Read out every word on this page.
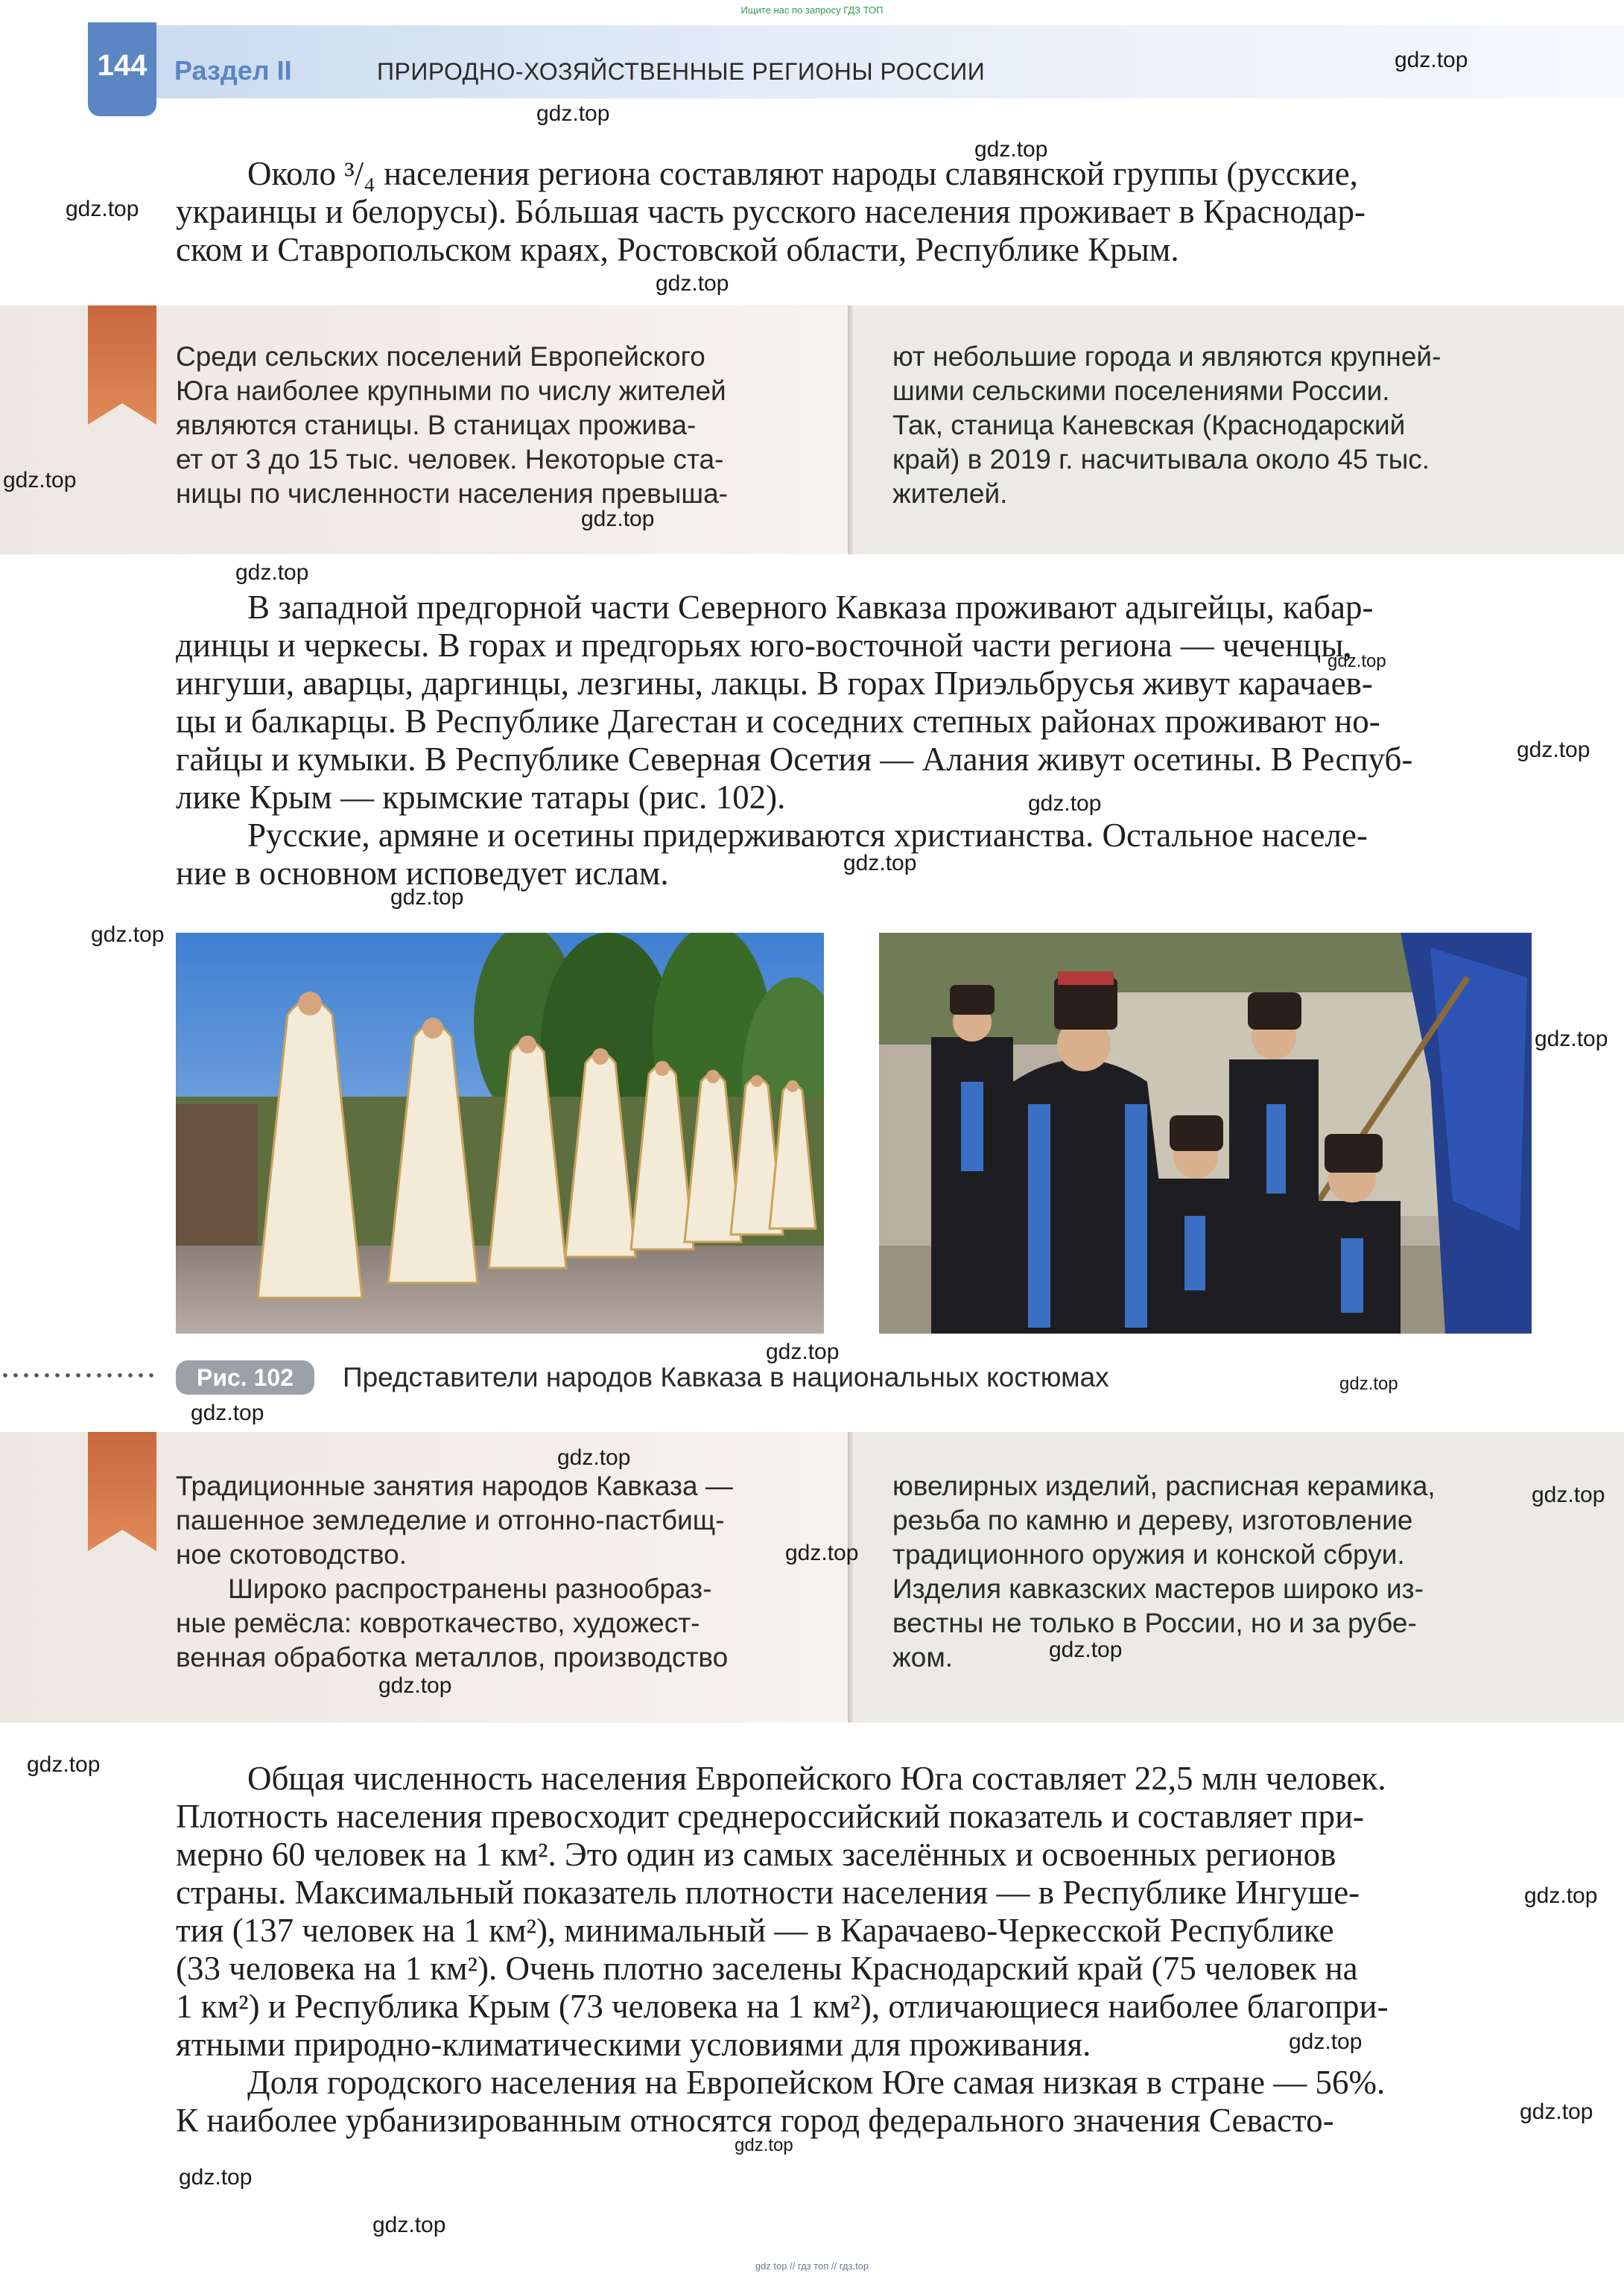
Ищите нас по запросу ГДЗ ТОП
144	Раздел II	ПРИРОДНО-ХОЗЯЙСТВЕННЫЕ РЕГИОНЫ РОССИИ
Около ³/₄ населения региона составляют народы славянской группы (русские,
украинцы и белорусы). Бóльшая часть русского населения проживает в Краснодар-
ском и Ставропольском краях, Ростовской области, Республике Крым.
Среди сельских поселений Европейского
Юга наиболее крупными по числу жителей
являются станицы. В станицах прожива-
ет от 3 до 15 тыс. человек. Некоторые ста-
ницы по численности населения превыша-
ют небольшие города и являются крупней-
шими сельскими поселениями России.
Так, станица Каневская (Краснодарский
край) в 2019 г. насчитывала около 45 тыс.
жителей.
В западной предгорной части Северного Кавказа проживают адыгейцы, кабар-
динцы и черкесы. В горах и предгорьях юго-восточной части региона — чеченцы,
ингуши, аварцы, даргинцы, лезгины, лакцы. В горах Приэльбрусья живут карачаев-
цы и балкарцы. В Республике Дагестан и соседних степных районах проживают но-
гайцы и кумыки. В Республике Северная Осетия — Алания живут осетины. В Респуб-
лике Крым — крымские татары (рис. 102).
Русские, армяне и осетины придерживаются христианства. Остальное населе-
ние в основном исповедует ислам.
Рис. 102	Представители народов Кавказа в национальных костюмах
Традиционные занятия народов Кавказа —
пашенное земледелие и отгонно-пастбищ-
ное скотоводство.
Широко распространены разнообраз-
ные ремёсла: ковроткачество, художест-
венная обработка металлов, производство
ювелирных изделий, расписная керамика,
резьба по камню и дереву, изготовление
традиционного оружия и конской сбруи.
Изделия кавказских мастеров широко из-
вестны не только в России, но и за рубе-
жом.
Общая численность населения Европейского Юга составляет 22,5 млн человек.
Плотность населения превосходит среднероссийский показатель и составляет при-
мерно 60 человек на 1 км². Это один из самых заселённых и освоенных регионов
страны. Максимальный показатель плотности населения — в Республике Ингуше-
тия (137 человек на 1 км²), минимальный — в Карачаево-Черкесской Республике
(33 человека на 1 км²). Очень плотно заселены Краснодарский край (75 человек на
1 км²) и Республика Крым (73 человека на 1 км²), отличающиеся наиболее благопри-
ятными природно-климатическими условиями для проживания.
Доля городского населения на Европейском Юге самая низкая в стране — 56%.
К наиболее урбанизированным относятся город федерального значения Севасто-
gdz.top
gdz.top
gdz.top
gdz.top
gdz.top
gdz.top
gdz.top
gdz.top
gdz.top
gdz.top
gdz.top
gdz.top
gdz.top
gdz.top
gdz.top
gdz.top
gdz.top
gdz.top
gdz.top
gdz.top
gdz.top
gdz.top
gdz.top
gdz.top
gdz.top
gdz.top
gdz.top
gdz.top
gdz.top
gdz.top
gdz top // гдз топ // гдз.top
